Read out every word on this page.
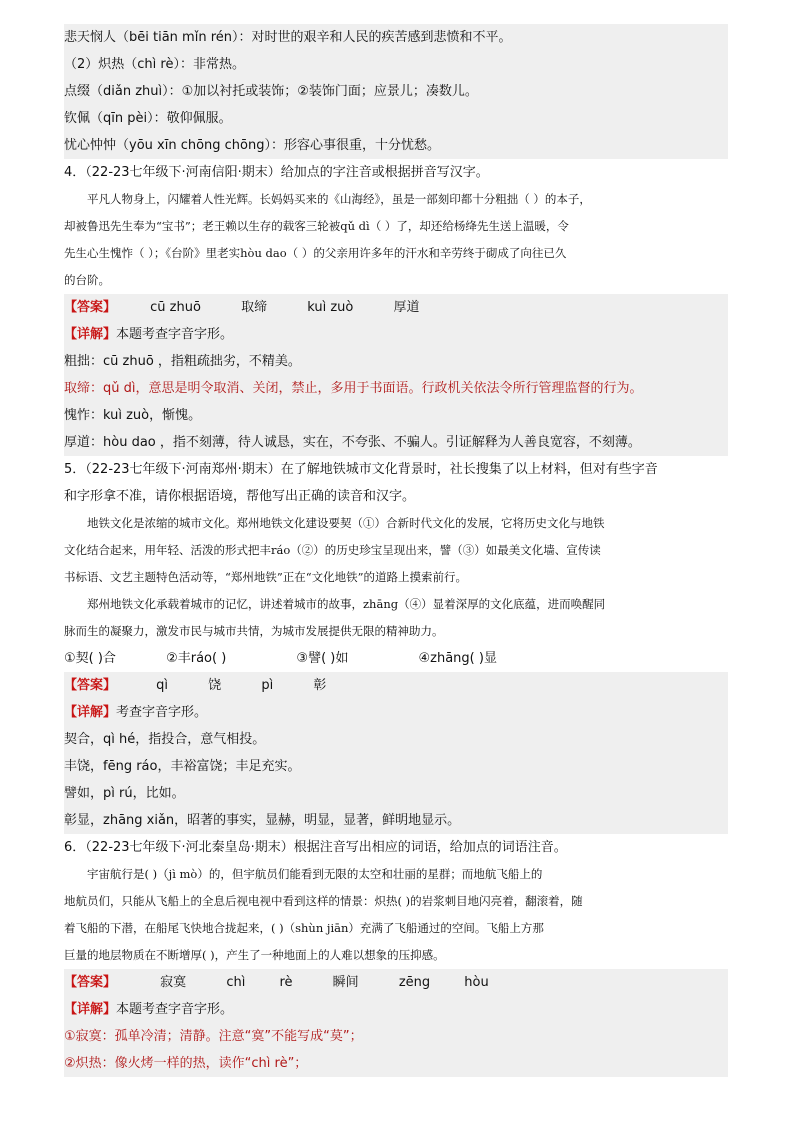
悲天悯人（bēi tiān mǐn rén）：对时世的艰辛和人民的疾苦感到悲愤和不平。
（2）炽热（chì rè）：非常热。
点缀（diǎn zhuì）：①加以衬托或装饰；②装饰门面；应景儿；凑数儿。
钦佩（qīn pèi）：敬仰佩服。
忧心忡忡（yōu xīn chōng chōng）：形容心事很重，十分忧愁。
4．（22-23七年级下·河南信阳·期末）给加点的字注音或根据拼音写汉字。
平凡人物身上，闪耀着人性光辉。长妈妈买来的《山海经》，虽是一部刻印都十分粗拙（ ）的本子，
却被鲁迅先生奉为“宝书”；老王赖以生存的载客三轮被qǔ dì（ ）了，却还给杨绛先生送上温暖，令
先生心生愧怍（ ）；《台阶》里老实hòu dao（ ）的父亲用许多年的汗水和辛劳终于砌成了向往已久
的台阶。
【答案】	cū zhuō	取缔	kuì zuò	厚道
【详解】本题考查字音字形。
粗拙：cū zhuō ，指粗疏拙劣，不精美。
取缔：qǔ dì，意思是明令取消、关闭，禁止，多用于书面语。行政机关依法令所行管理监督的行为。
愧怍：kuì zuò，惭愧。
厚道：hòu dao ，指不刻薄，待人诚恳，实在，不夸张、不骗人。引证解释为人善良宽容，不刻薄。
5．（22-23七年级下·河南郑州·期末）在了解地铁城市文化背景时，社长搜集了以上材料，但对有些字音
和字形拿不准，请你根据语境，帮他写出正确的读音和汉字。
地铁文化是浓缩的城市文化。郑州地铁文化建设要契（①）合新时代文化的发展，它将历史文化与地铁
文化结合起来，用年轻、活泼的形式把丰ráo（②）的历史珍宝呈现出来，譬（③）如最美文化墙、宣传读
书标语、文艺主题特色活动等，“郑州地铁”正在“文化地铁”的道路上摸索前行。
郑州地铁文化承载着城市的记忆，讲述着城市的故事，zhāng（④）显着深厚的文化底蕴，进而唤醒同
脉而生的凝聚力，激发市民与城市共情，为城市发展提供无限的精神助力。
①契( )合	②丰ráo( )	③譬( )如	④zhāng( )显
【答案】	qì	饶	pì	彰
【详解】考查字音字形。
契合，qì hé，指投合，意气相投。
丰饶，fēng ráo，丰裕富饶；丰足充实。
譬如，pì rú，比如。
彰显，zhāng xiǎn，昭著的事实，显赫，明显，显著，鲜明地显示。
6．（22-23七年级下·河北秦皇岛·期末）根据注音写出相应的词语，给加点的词语注音。
宇宙航行是( )（jì mò）的，但宇航员们能看到无限的太空和壮丽的星群；而地航飞船上的
地航员们，只能从飞船上的全息后视电视中看到这样的情景：炽热( )的岩浆刺目地闪亮着，翻滚着，随
着飞船的下潜，在船尾飞快地合拢起来，( )（shùn jiān）充满了飞船通过的空间。飞船上方那
巨量的地层物质在不断增厚( )，产生了一种地面上的人难以想象的压抑感。
【答案】	寂寞	chì	rè	瞬间	zēng	hòu
【详解】本题考查字音字形。
①寂寞：孤单冷清；清静。注意“寞”不能写成“莫”；
②炽热：像火烤一样的热，读作“chì rè”；
